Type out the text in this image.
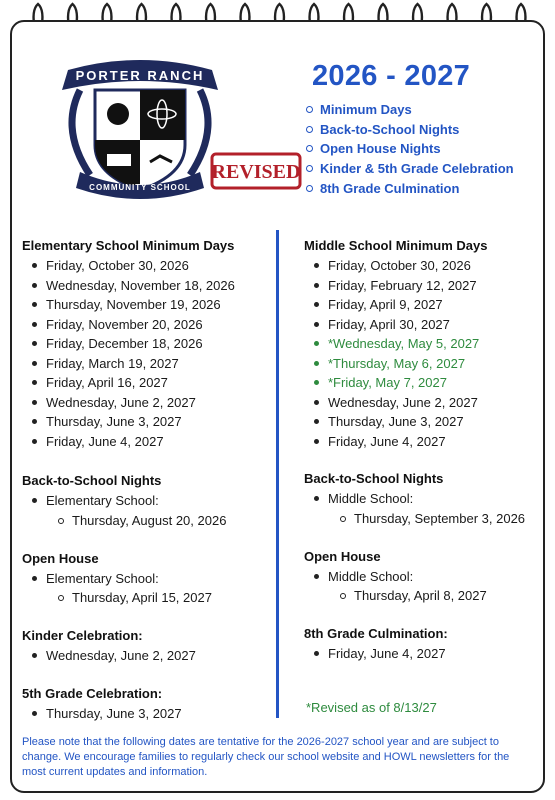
PORTER RANCH
COMMUNITY SCHOOL
REVISED
2026 - 2027
Minimum Days
Back-to-School Nights
Open House Nights
Kinder & 5th Grade Celebration
8th Grade Culmination
Elementary School Minimum Days
Friday, October 30, 2026
Wednesday, November 18, 2026
Thursday, November 19, 2026
Friday, November 20, 2026
Friday, December 18, 2026
Friday, March 19, 2027
Friday, April 16, 2027
Wednesday, June 2, 2027
Thursday, June 3, 2027
Friday, June 4, 2027
Back-to-School Nights
Elementary School:
Thursday, August 20, 2026
Open House
Elementary School:
Thursday, April 15, 2027
Kinder Celebration:
Wednesday, June 2, 2027
5th Grade Celebration:
Thursday, June 3, 2027
Middle School Minimum Days
Friday, October 30, 2026
Friday, February 12, 2027
Friday, April 9, 2027
Friday, April 30, 2027
*Wednesday, May 5, 2027
*Thursday, May 6, 2027
*Friday, May 7, 2027
Wednesday, June 2, 2027
Thursday, June 3, 2027
Friday, June 4, 2027
Back-to-School Nights
Middle School:
Thursday, September 3, 2026
Open House
Middle School:
Thursday, April 8, 2027
8th Grade Culmination:
Friday, June 4, 2027
*Revised as of 8/13/27
Please note that the following dates are tentative for the 2026-2027 school year and are subject to change. We encourage families to regularly check our school website and HOWL newsletters for the most current updates and information.
